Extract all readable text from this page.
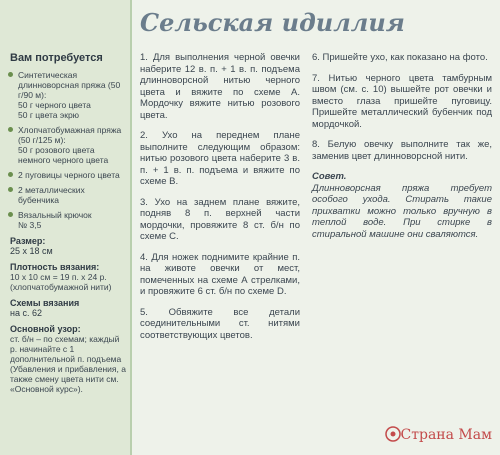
Вам потребуется
Синтетическая длинноворсная пряжа (50 г/90 м):
50 г черного цвета
50 г цвета экрю
Хлопчатобумажная пряжа (50 г/125 м):
50 г розового цвета
немного черного цвета
2 пуговицы черного цвета
2 металлических бубенчика
Вязальный крючок
№ 3,5
Размер:
25 х 18 см
Плотность вязания:
10 х 10 см = 19 п. х 24 р.
(хлопчатобумажной нити)
Схемы вязания
на с. 62
Основной узор:
ст. б/н – по схемам; каждый р. начинайте с 1 дополнительной п. подъема
(Убавления и прибавления, а также смену цвета нити см. «Основной курс»).
Сельская идиллия
1. Для выполнения черной овечки наберите 12 в. п. + 1 в. п. подъема длинноворсной нитью черного цвета и вяжите по схеме А. Мордочку вяжите нитью розового цвета.
2. Ухо на переднем плане выполните следующим образом: нитью розового цвета наберите 3 в. п. + 1 в. п. подъема и вяжите по схеме В.
3. Ухо на заднем плане вяжите, подняв 8 п. верхней части мордочки, провяжите 8 ст. б/н по схеме С.
4. Для ножек поднимите крайние п. на животе овечки от мест, помеченных на схеме А стрелками, и провяжите 6 ст. б/н по схеме D.
5. Обвяжите все детали соединительными ст. нитями соответствующих цветов.
6. Пришейте ухо, как показано на фото.
7. Нитью черного цвета тамбурным швом (см. с. 10) вышейте рот овечки и вместо глаза пришейте пуговицу. Пришейте металлический бубенчик под мордочкой.
8. Белую овечку выполните так же, заменив цвет длинноворсной нити.
Совет.
Длинноворсная пряжа требует особого ухода. Стирать такие прихватки можно только вручную в теплой воде. При стирке в стиральной машине они сваляются.
Страна Мам
